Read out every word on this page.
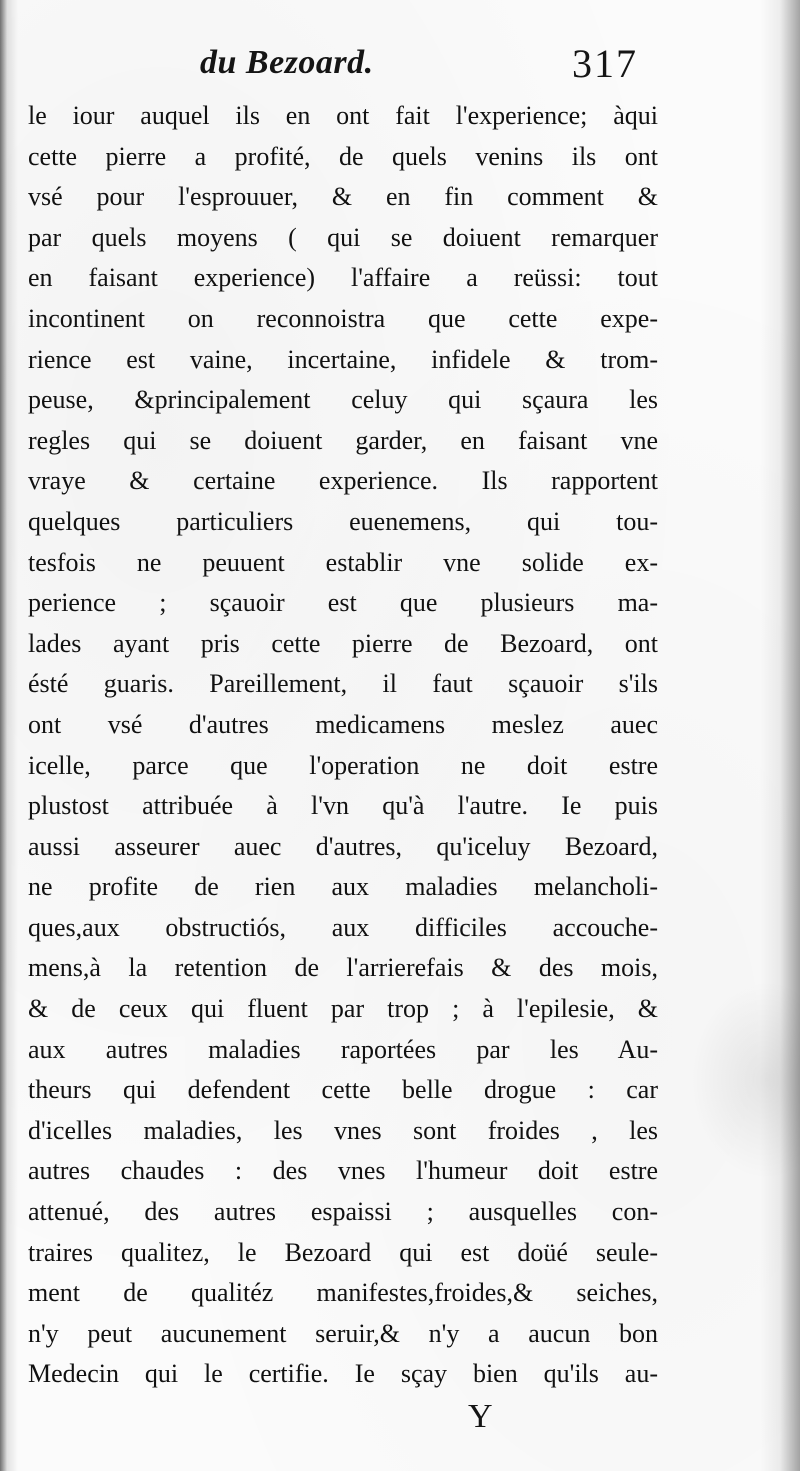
du Bezoard.	317
le iour auquel ils en ont fait l'experience; àqui
cette pierre a profité, de quels venins ils ont
vsé pour l'esprouuer, & en fin comment &
par quels moyens ( qui se doiuent remarquer
en faisant experience) l'affaire a reüssi: tout
incontinent on reconnoistra que cette expe-
rience est vaine, incertaine, infidele & trom-
peuse, &principalement celuy qui sçaura les
regles qui se doiuent garder, en faisant vne
vraye & certaine experience. Ils rapportent
quelques particuliers euenemens, qui tou-
tesfois ne peuuent establir vne solide ex-
perience ; sçauoir est que plusieurs ma-
lades ayant pris cette pierre de Bezoard, ont
ésté guaris. Pareillement, il faut sçauoir s'ils
ont vsé d'autres medicamens meslez auec
icelle, parce que l'operation ne doit estre
plustost attribuée à l'vn qu'à l'autre. Ie puis
aussi asseurer auec d'autres, qu'iceluy Bezoard,
ne profite de rien aux maladies melancholi-
ques,aux obstructiós, aux difficiles accouche-
mens,à la retention de l'arrierefais & des mois,
& de ceux qui fluent par trop ; à l'epilesie, &
aux autres maladies raportées par les Au-
theurs qui defendent cette belle drogue : car
d'icelles maladies, les vnes sont froides , les
autres chaudes : des vnes l'humeur doit estre
attenué, des autres espaissi ; ausquelles con-
traires qualitez, le Bezoard qui est doüé seule-
ment de qualitéz manifestes,froides,& seiches,
n'y peut aucunement seruir,& n'y a aucun bon
Medecin qui le certifie. Ie sçay bien qu'ils au-
Y
